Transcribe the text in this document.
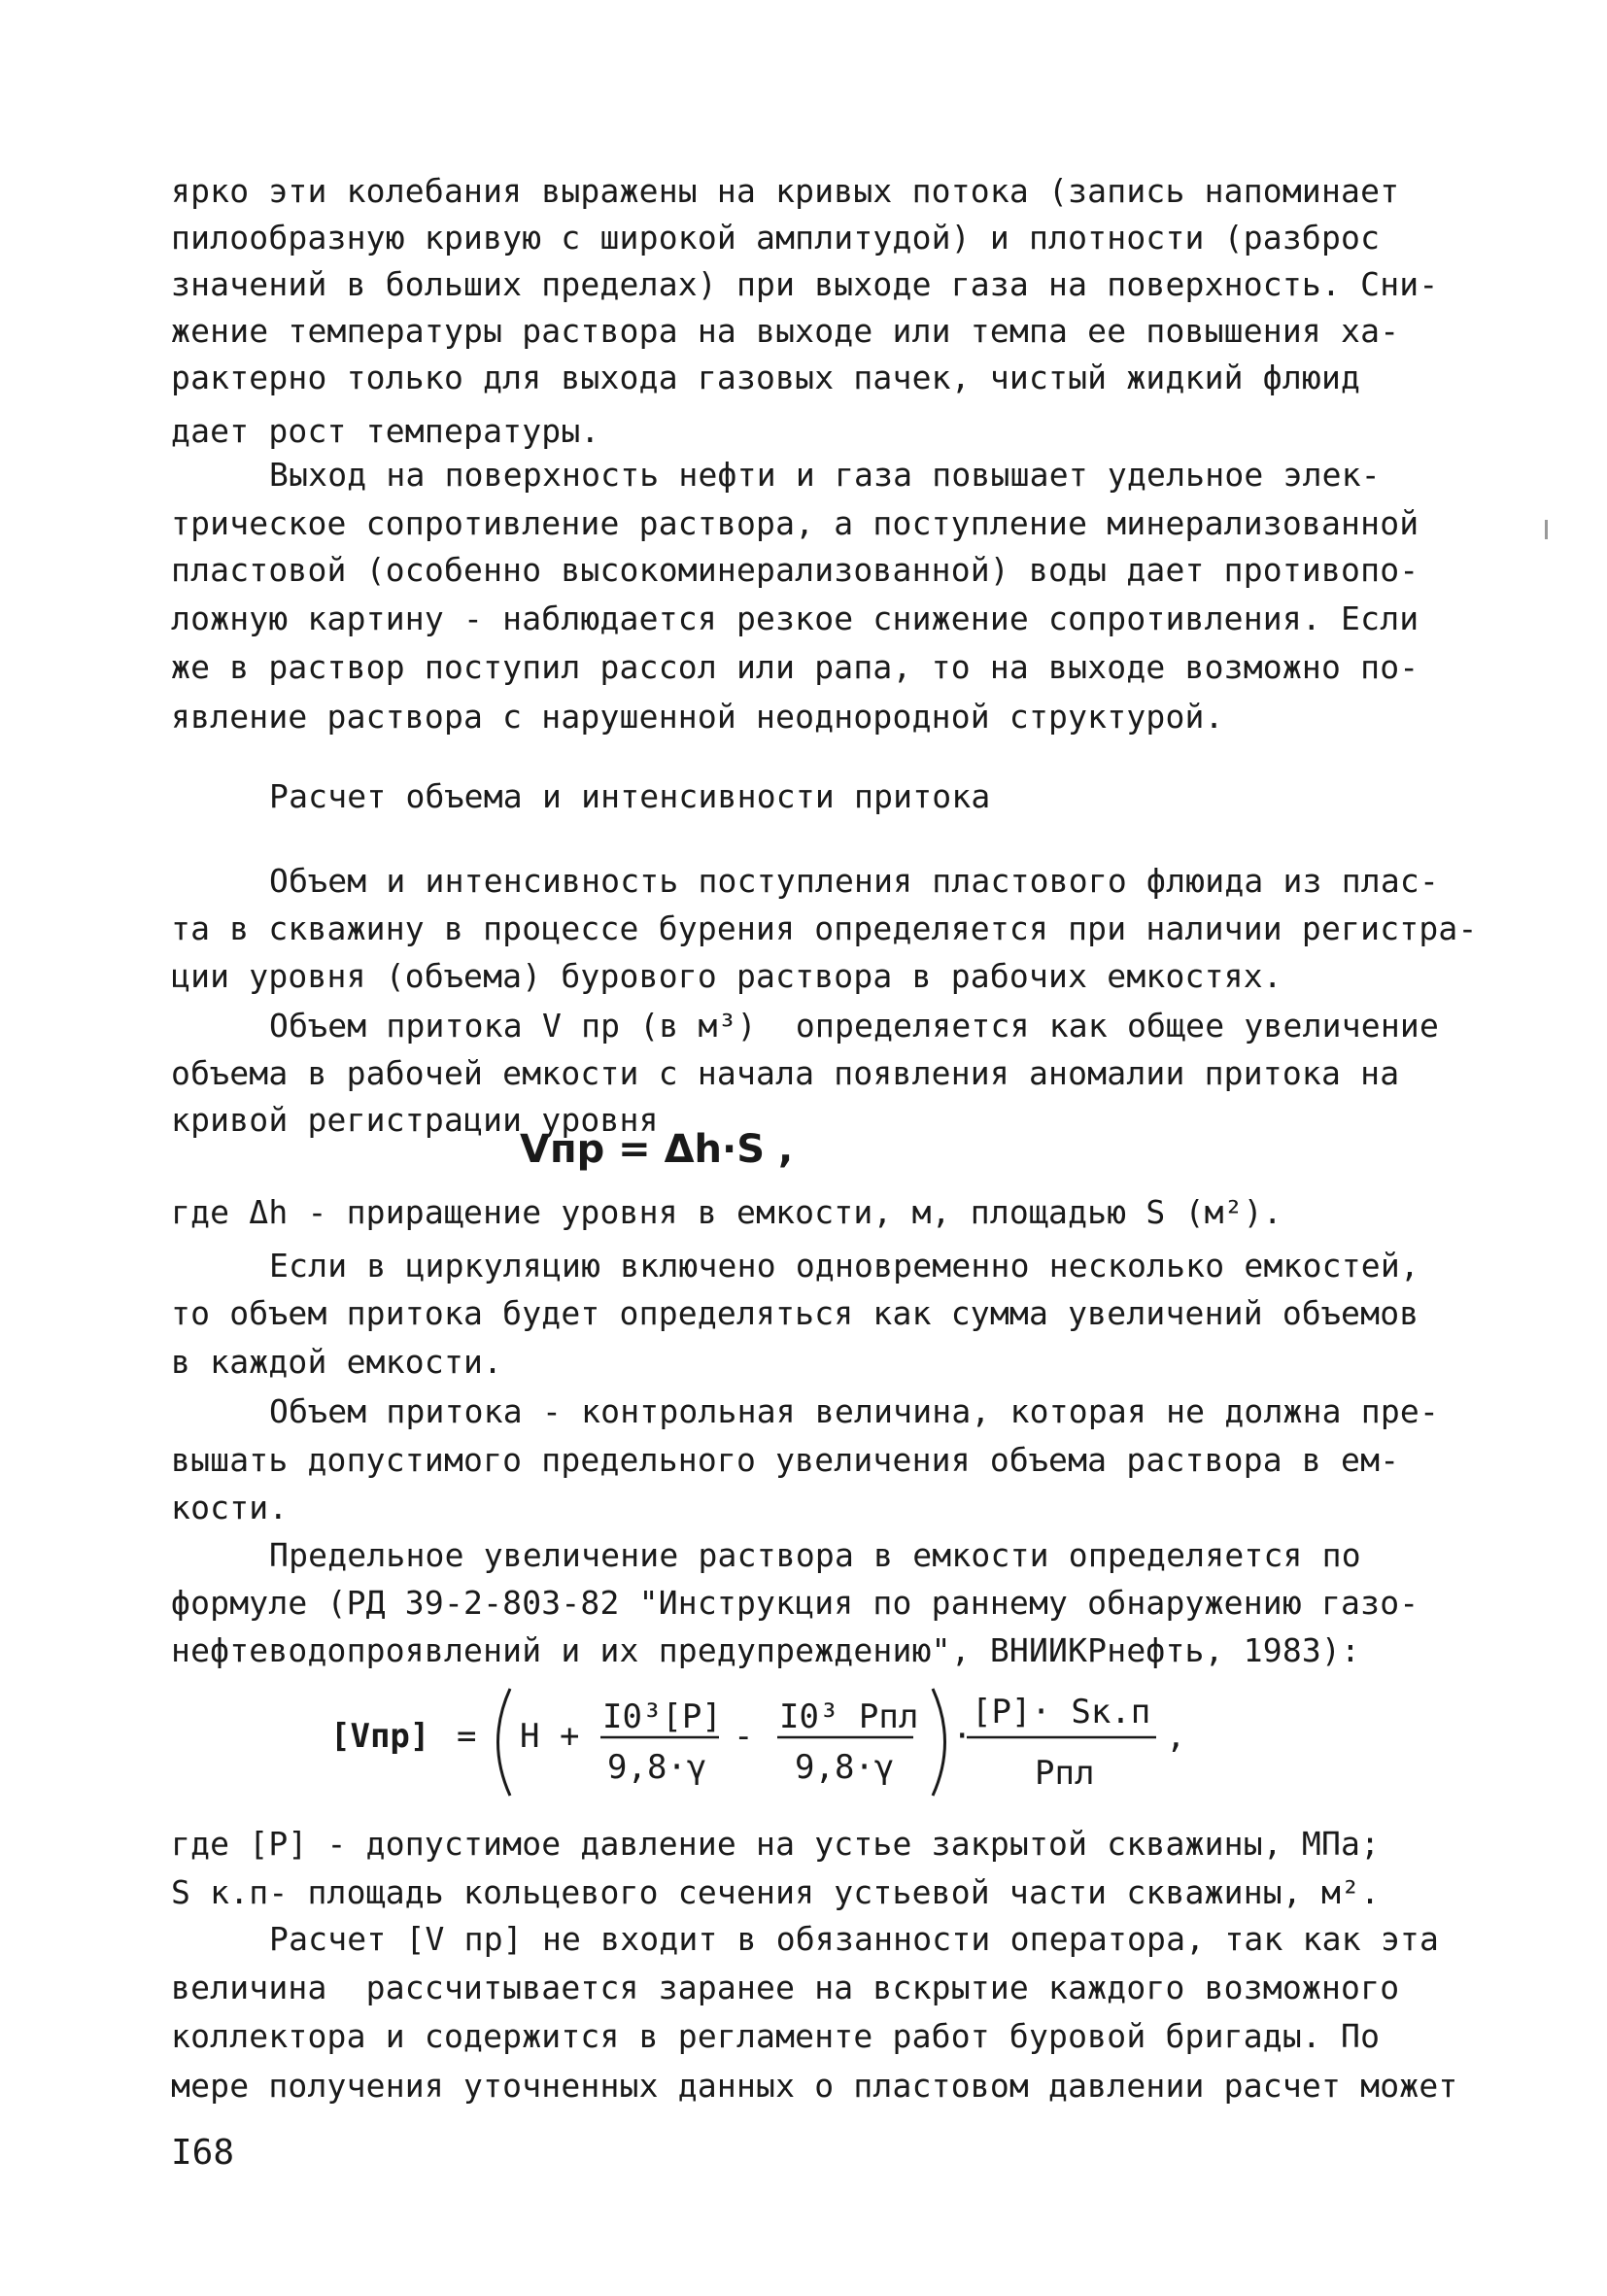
ярко эти колебания выражены на кривых потока (запись напоминает
пилообразную кривую с широкой амплитудой) и плотности (разброс
значений в больших пределах) при выходе газа на поверхность. Сни-
жение температуры раствора на выходе или темпа ее повышения ха-
рактерно только для выхода газовых пачек, чистый жидкий флюид
дает рост температуры.
Выход на поверхность нефти и газа повышает удельное элек-
трическое сопротивление раствора, а поступление минерализованной
пластовой (особенно высокоминерализованной) воды дает противопо-
ложную картину - наблюдается резкое снижение сопротивления. Если
же в раствор поступил рассол или рапа, то на выходе возможно по-
явление раствора с нарушенной неоднородной структурой.
Расчет объема и интенсивности притока
Объем и интенсивность поступления пластового флюида из плас-
та в скважину в процессе бурения определяется при наличии регистра-
ции уровня (объема) бурового раствора в рабочих емкостях.
Объем притока V пр (в м³)  определяется как общее увеличение
объема в рабочей емкости с начала появления аномалии притока на
кривой регистрации уровня
Vпр = Δh·S ,
где Δh - приращение уровня в емкости, м, площадью S (м²).
Если в циркуляцию включено одновременно несколько емкостей,
то объем притока будет определяться как сумма увеличений объемов
в каждой емкости.
Объем притока - контрольная величина, которая не должна пре-
вышать допустимого предельного увеличения объема раствора в ем-
кости.
Предельное увеличение раствора в емкости определяется по
формуле (РД 39-2-803-82 "Инструкция по раннему обнаружению газо-
нефтеводопроявлений и их предупреждению", ВНИИКРнефть, 1983):
[Vпр] = H + I0³[P]
9,8·γ
- I0³ Pпл
9,8·γ
·
[P]· Sк.п
Pпл
,
где [P] - допустимое давление на устье закрытой скважины, МПа;
S к.п- площадь кольцевого сечения устьевой части скважины, м².
Расчет [V пр] не входит в обязанности оператора, так как эта
величина  рассчитывается заранее на вскрытие каждого возможного
коллектора и содержится в регламенте работ буровой бригады. По
мере получения уточненных данных о пластовом давлении расчет может
I68
